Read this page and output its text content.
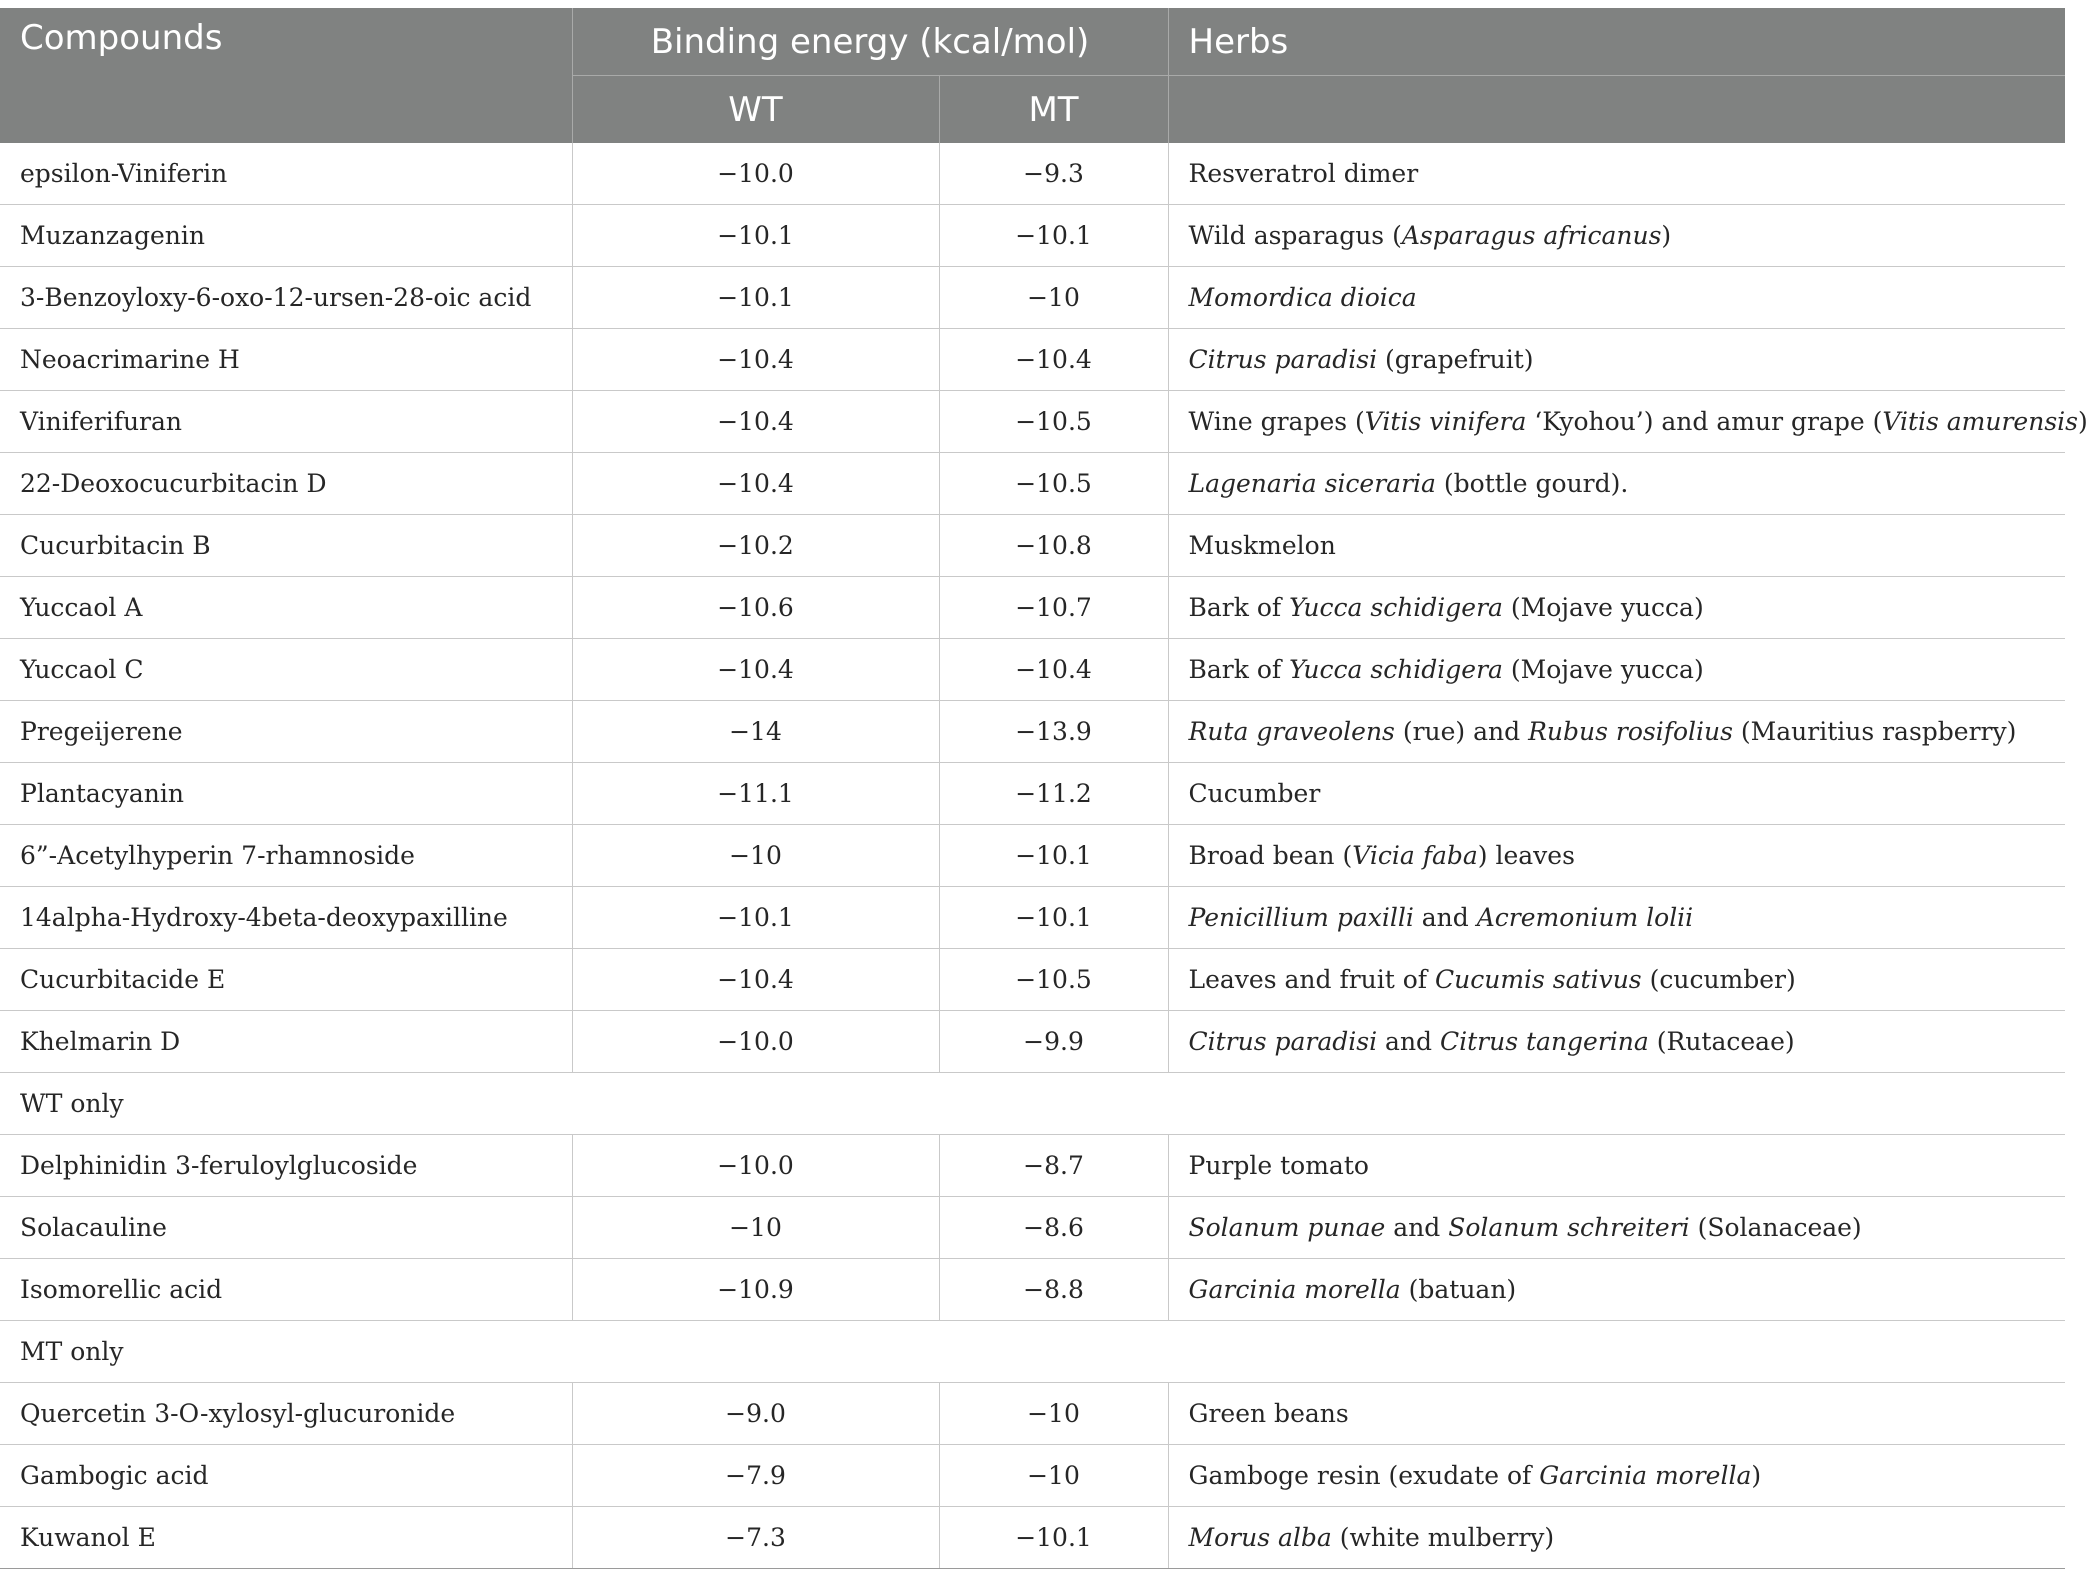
Compounds	Binding energy (kcal/mol)		Herbs
	WT	MT	
epsilon-Viniferin	−10.0	−9.3	Resveratrol dimer
Muzanzagenin	−10.1	−10.1	Wild asparagus (Asparagus africanus)
3-Benzoyloxy-6-oxo-12-ursen-28-oic acid	−10.1	−10	Momordica dioica
Neoacrimarine H	−10.4	−10.4	Citrus paradisi (grapefruit)
Viniferifuran	−10.4	−10.5	Wine grapes (Vitis vinifera ‘Kyohou’) and amur grape (Vitis amurensis)
22-Deoxocucurbitacin D	−10.4	−10.5	Lagenaria siceraria (bottle gourd).
Cucurbitacin B	−10.2	−10.8	Muskmelon
Yuccaol A	−10.6	−10.7	Bark of Yucca schidigera (Mojave yucca)
Yuccaol C	−10.4	−10.4	Bark of Yucca schidigera (Mojave yucca)
Pregeijerene	−14	−13.9	Ruta graveolens (rue) and Rubus rosifolius (Mauritius raspberry)
Plantacyanin	−11.1	−11.2	Cucumber
6”-Acetylhyperin 7-rhamnoside	−10	−10.1	Broad bean (Vicia faba) leaves
14alpha-Hydroxy-4beta-deoxypaxilline	−10.1	−10.1	Penicillium paxilli and Acremonium lolii
Cucurbitacide E	−10.4	−10.5	Leaves and fruit of Cucumis sativus (cucumber)
Khelmarin D	−10.0	−9.9	Citrus paradisi and Citrus tangerina (Rutaceae)
WT only			
Delphinidin 3-feruloylglucoside	−10.0	−8.7	Purple tomato
Solacauline	−10	−8.6	Solanum punae and Solanum schreiteri (Solanaceae)
Isomorellic acid	−10.9	−8.8	Garcinia morella (batuan)
MT only			
Quercetin 3-O-xylosyl-glucuronide	−9.0	−10	Green beans
Gambogic acid	−7.9	−10	Gamboge resin (exudate of Garcinia morella)
Kuwanol E	−7.3	−10.1	Morus alba (white mulberry)
